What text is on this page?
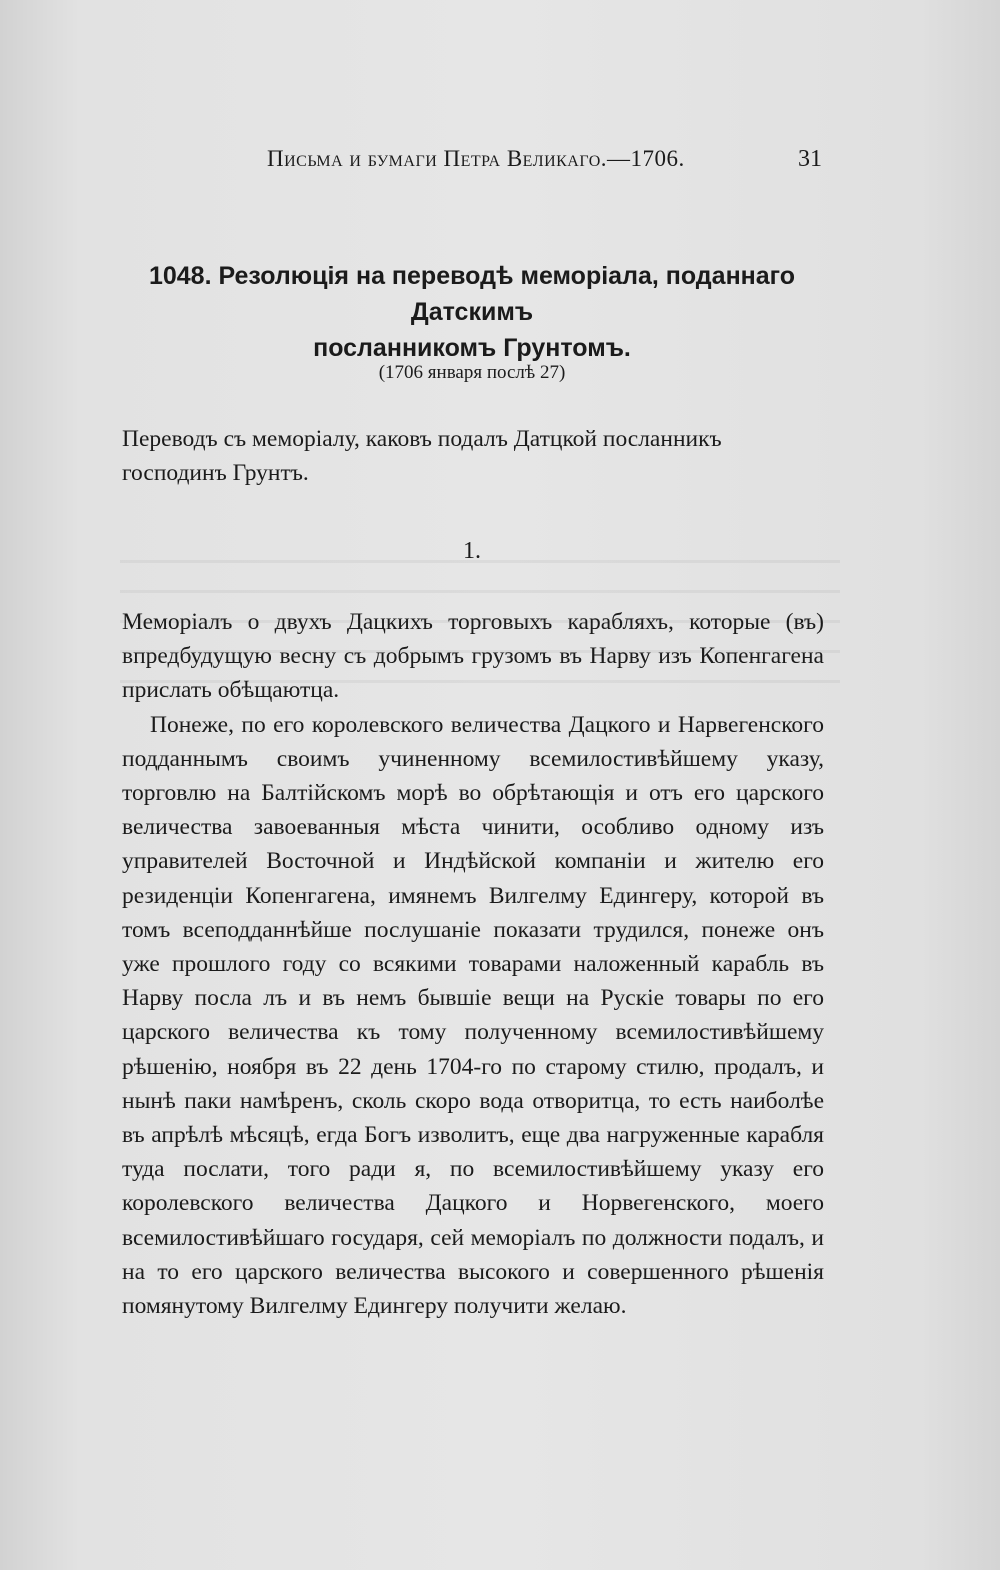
Письма и бумаги Петра Великаго.—1706.	31
1048. Резолюція на переводѣ меморіала, поданнаго Датскимъ
посланникомъ Грунтомъ.
(1706 января послѣ 27)
Переводъ съ меморіалу, каковъ подалъ Датцкой посланникъ господинъ Грунтъ.
1.

Меморіалъ о двухъ Дацкихъ торговыхъ карабляхъ, которые (въ) впредбудущую весну съ добрымъ грузомъ въ Нарву изъ Копенгагена прислать обѣщаютца.

Понеже, по его королевского величества Дацкого и Нарвегенского подданнымъ своимъ учиненному всемилостивѣйшему указу, торговлю на Балтійскомъ морѣ во обрѣтающія и отъ его царского величества завоеванныя мѣста чинити, особливо одному изъ управителей Восточной и Индѣйской компаніи и жителю его резиденціи Копенгагена, имянемъ Вилгелму Едингеру, которой въ томъ всеподданнѣйше послушаніе показати трудился, понеже онъ уже прошлого году со всякими товарами наложенный карабль въ Нарву посла лъ и въ немъ бывшіе вещи на Рускіе товары по его царского величества къ тому полученному всемилостивѣйшему рѣшенію, ноября въ 22 день 1704-го по старому стилю, продалъ, и нынѣ паки намѣренъ, сколь скоро вода отворитца, то есть наиболѣе въ апрѣлѣ мѣсяцѣ, егда Богъ изволитъ, еще два нагруженные карабля туда послати, того ради я, по всемилостивѣйшему указу его королевского величества Дацкого и Норвегенского, моего всемилостивѣйшаго государя, сей меморіалъ по должности подалъ, и на то его царского величества высокого и совершенного рѣшенія помянутому Вилгелму Едингеру получити желаю.
